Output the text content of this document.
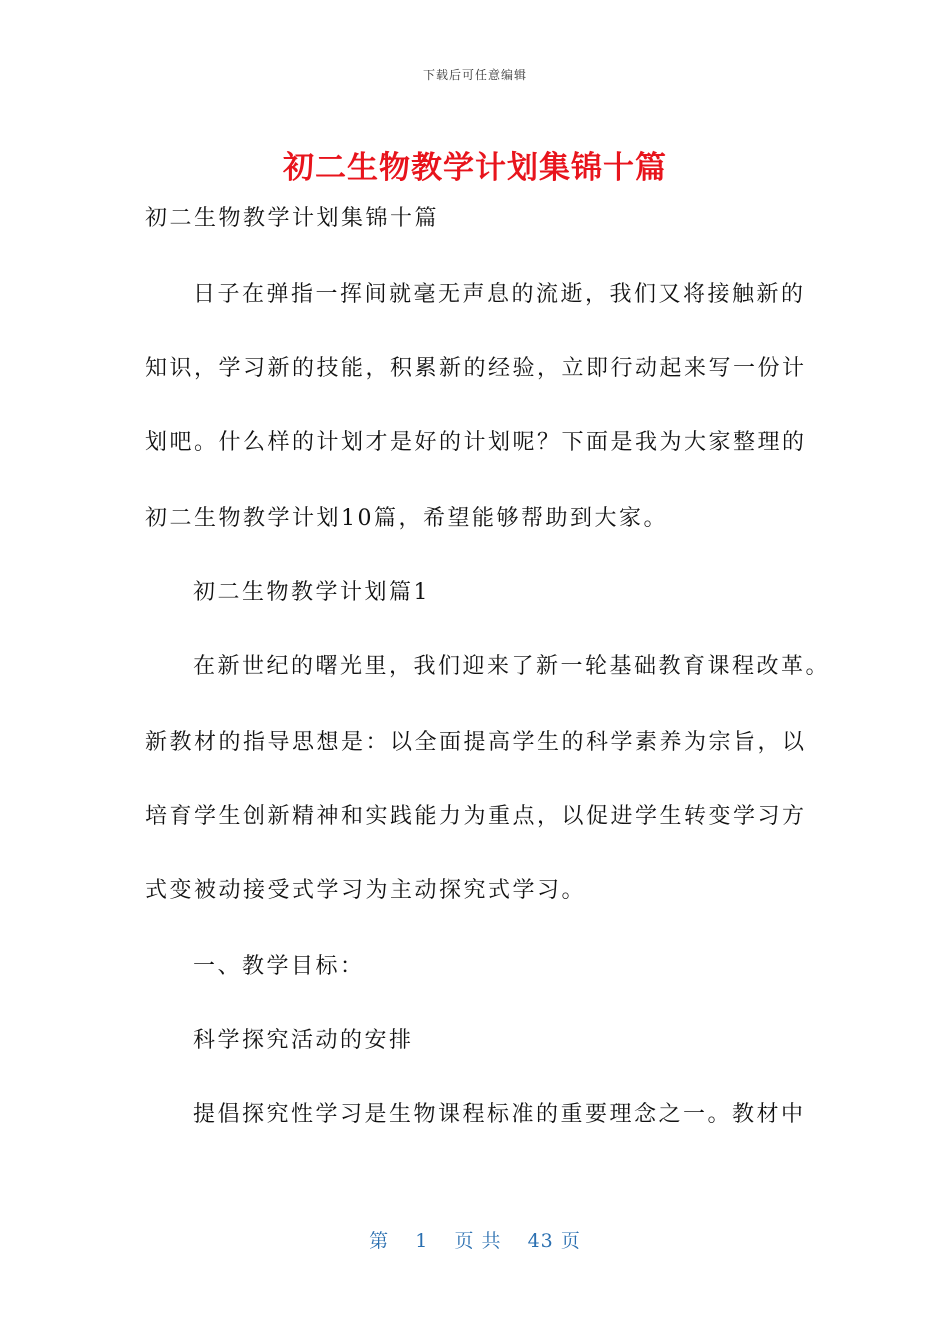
下载后可任意编辑
初二生物教学计划集锦十篇
初二生物教学计划集锦十篇
日子在弹指一挥间就毫无声息的流逝，我们又将接触新的
知识，学习新的技能，积累新的经验，立即行动起来写一份计
划吧。什么样的计划才是好的计划呢？下面是我为大家整理的
初二生物教学计划10篇，希望能够帮助到大家。
初二生物教学计划篇1
在新世纪的曙光里，我们迎来了新一轮基础教育课程改革。
新教材的指导思想是：以全面提高学生的科学素养为宗旨，以
培育学生创新精神和实践能力为重点，以促进学生转变学习方
式变被动接受式学习为主动探究式学习。
一、教学目标：
科学探究活动的安排
提倡探究性学习是生物课程标准的重要理念之一。教材中
第 1 页 共 43 页
